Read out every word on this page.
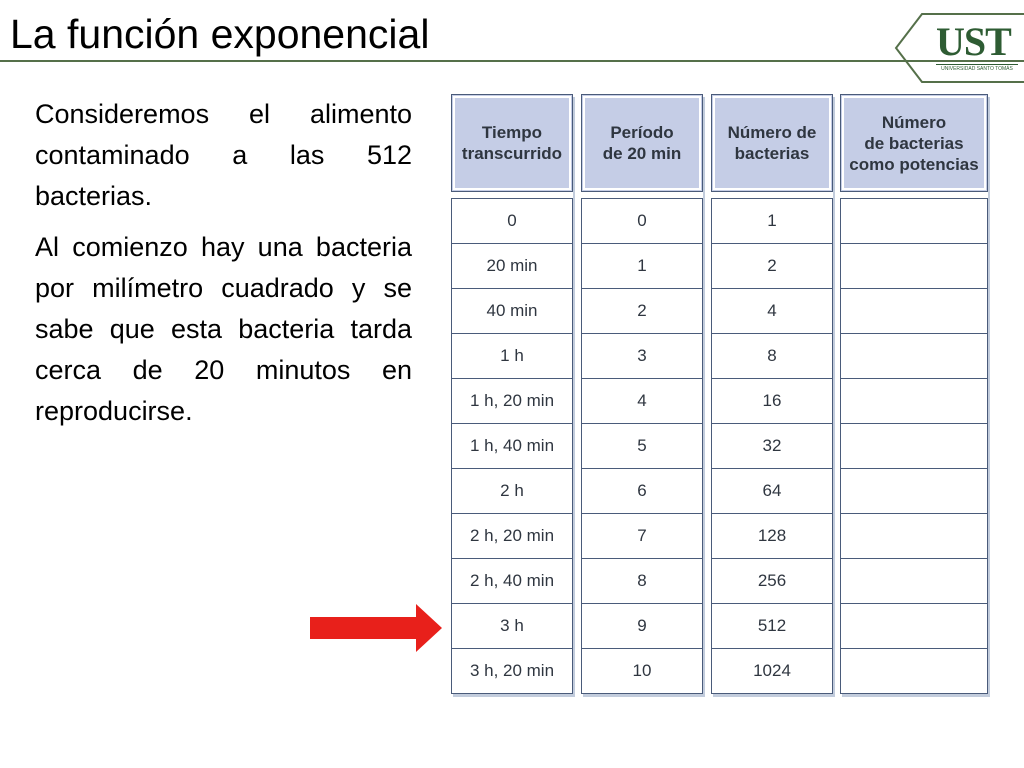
La función exponencial	UST
UNIVERSIDAD SANTO TOMÁS

Consideremos el alimento contaminado a las 512 bacterias.

Al comienzo hay una bacteria por milímetro cuadrado y se sabe que esta bacteria tarda cerca de 20 minutos en reproducirse.

Tiempo
transcurrido
0
20 min
40 min
1 h
1 h, 20 min
1 h, 40 min
2 h
2 h, 20 min
2 h, 40 min
3 h
3 h, 20 min
Período
de 20 min
0
1
2
3
4
5
6
7
8
9
10
Número de
bacterias
1
2
4
8
16
32
64
128
256
512
1024
Número
de bacterias
como potencias
